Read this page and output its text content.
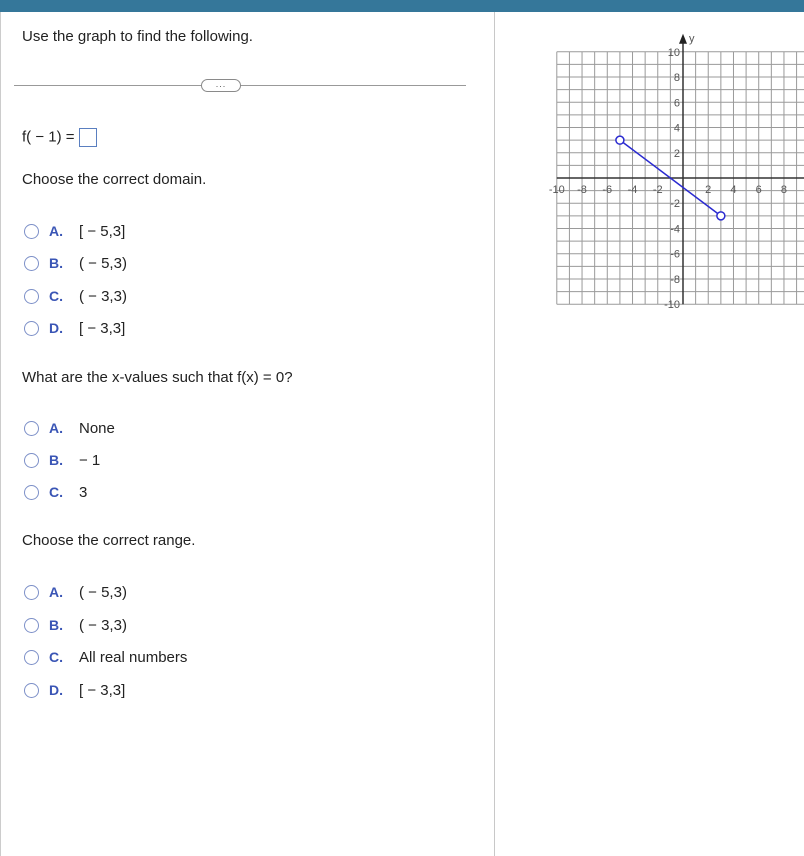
Use the graph to find the following.
...
f( − 1) =
Choose the correct domain.
A.	[ − 5,3]
B.	( − 5,3)
C.	( − 3,3)
D.	[ − 3,3]
What are the x-values such that f(x) = 0?
A.	None
B.	− 1
C.	3
Choose the correct range.
A.	( − 5,3)
B.	( − 3,3)
C.	All real numbers
D.	[ − 3,3]
y
-10 -8 -6 -4 -2	2 4 6 8
10
8
6
4
2
-2
-4
-6
-8
-10
